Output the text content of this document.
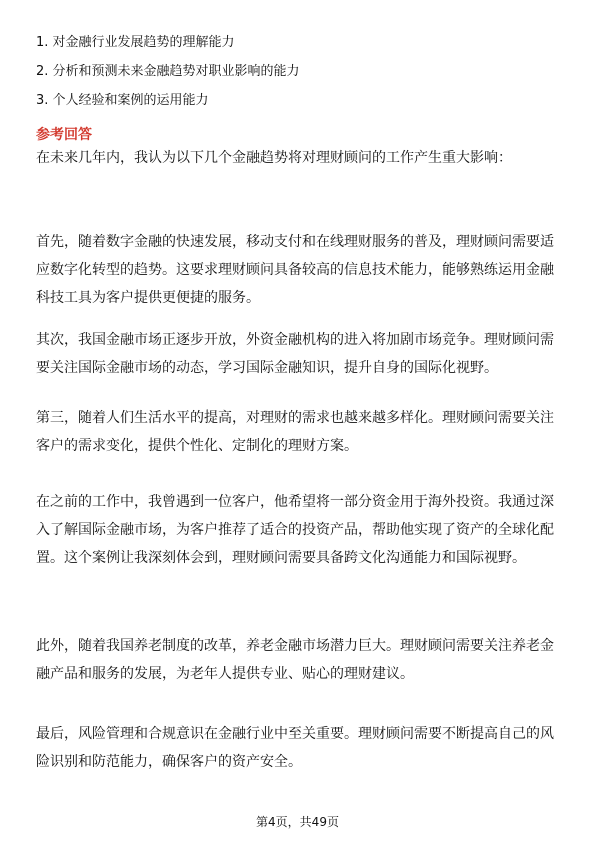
1. 对金融行业发展趋势的理解能力
2. 分析和预测未来金融趋势对职业影响的能力
3. 个人经验和案例的运用能力
参考回答
在未来几年内，我认为以下几个金融趋势将对理财顾问的工作产生重大影响：
首先，随着数字金融的快速发展，移动支付和在线理财服务的普及，理财顾问需要适应数字化转型的趋势。这要求理财顾问具备较高的信息技术能力，能够熟练运用金融科技工具为客户提供更便捷的服务。
其次，我国金融市场正逐步开放，外资金融机构的进入将加剧市场竞争。理财顾问需要关注国际金融市场的动态，学习国际金融知识，提升自身的国际化视野。
第三，随着人们生活水平的提高，对理财的需求也越来越多样化。理财顾问需要关注客户的需求变化，提供个性化、定制化的理财方案。
在之前的工作中，我曾遇到一位客户，他希望将一部分资金用于海外投资。我通过深入了解国际金融市场，为客户推荐了适合的投资产品，帮助他实现了资产的全球化配置。这个案例让我深刻体会到，理财顾问需要具备跨文化沟通能力和国际视野。
此外，随着我国养老制度的改革，养老金融市场潜力巨大。理财顾问需要关注养老金融产品和服务的发展，为老年人提供专业、贴心的理财建议。
最后，风险管理和合规意识在金融行业中至关重要。理财顾问需要不断提高自己的风险识别和防范能力，确保客户的资产安全。
第4页，共49页
